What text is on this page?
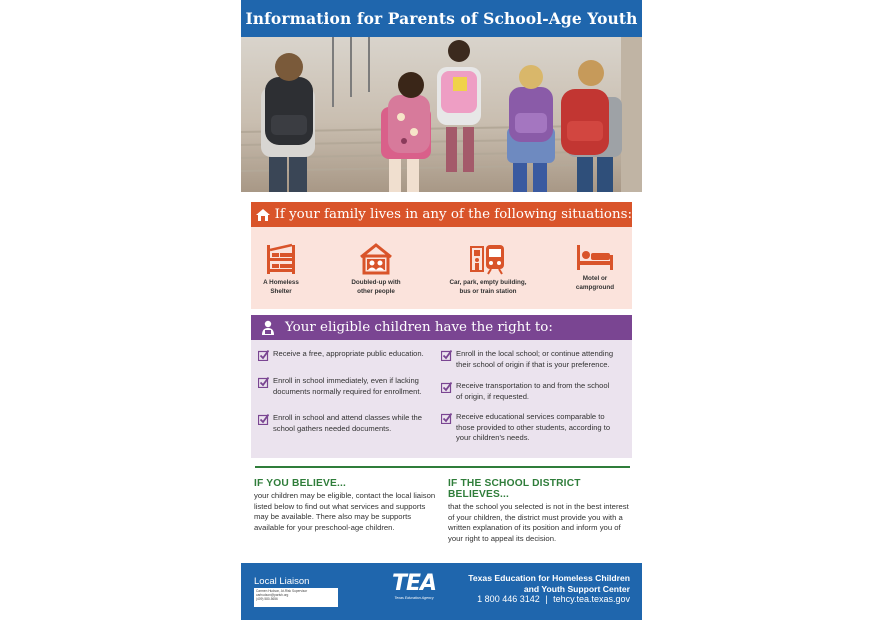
Information for Parents of School-Age Youth
If your family lives in any of the following situations:
A Homeless
Shelter
Doubled-up with
other people
Car, park, empty building,
bus or train station
Motel or
campground
Your eligible children have the right to:
Receive a free, appropriate public education.
Enroll in school immediately, even if lacking documents normally required for enrollment.
Enroll in school and attend classes while the school gathers needed documents.
Enroll in the local school; or continue attending their school of origin if that is your preference.
Receive transportation to and from the school of origin, if requested.
Receive educational services comparable to those provided to other students, according to your children's needs.
IF YOU BELIEVE...
your children may be eligible, contact the local liaison listed below to find out what services and supports may be available. There also may be supports available for your preschool-age children.
IF THE SCHOOL DISTRICT BELIEVES...
that the school you selected is not in the best interest of your children, the district must provide you with a written explanation of its position and inform you of your right to appeal its decision.
Local Liaison
Carmen Hudson, At-Risk Supervisor
carhudson@parish.org
(409) 580-5656
TEA
Texas Education Agency
Texas Education for Homeless Children and Youth Support Center
1 800 446 3142 | tehcy.tea.texas.gov
